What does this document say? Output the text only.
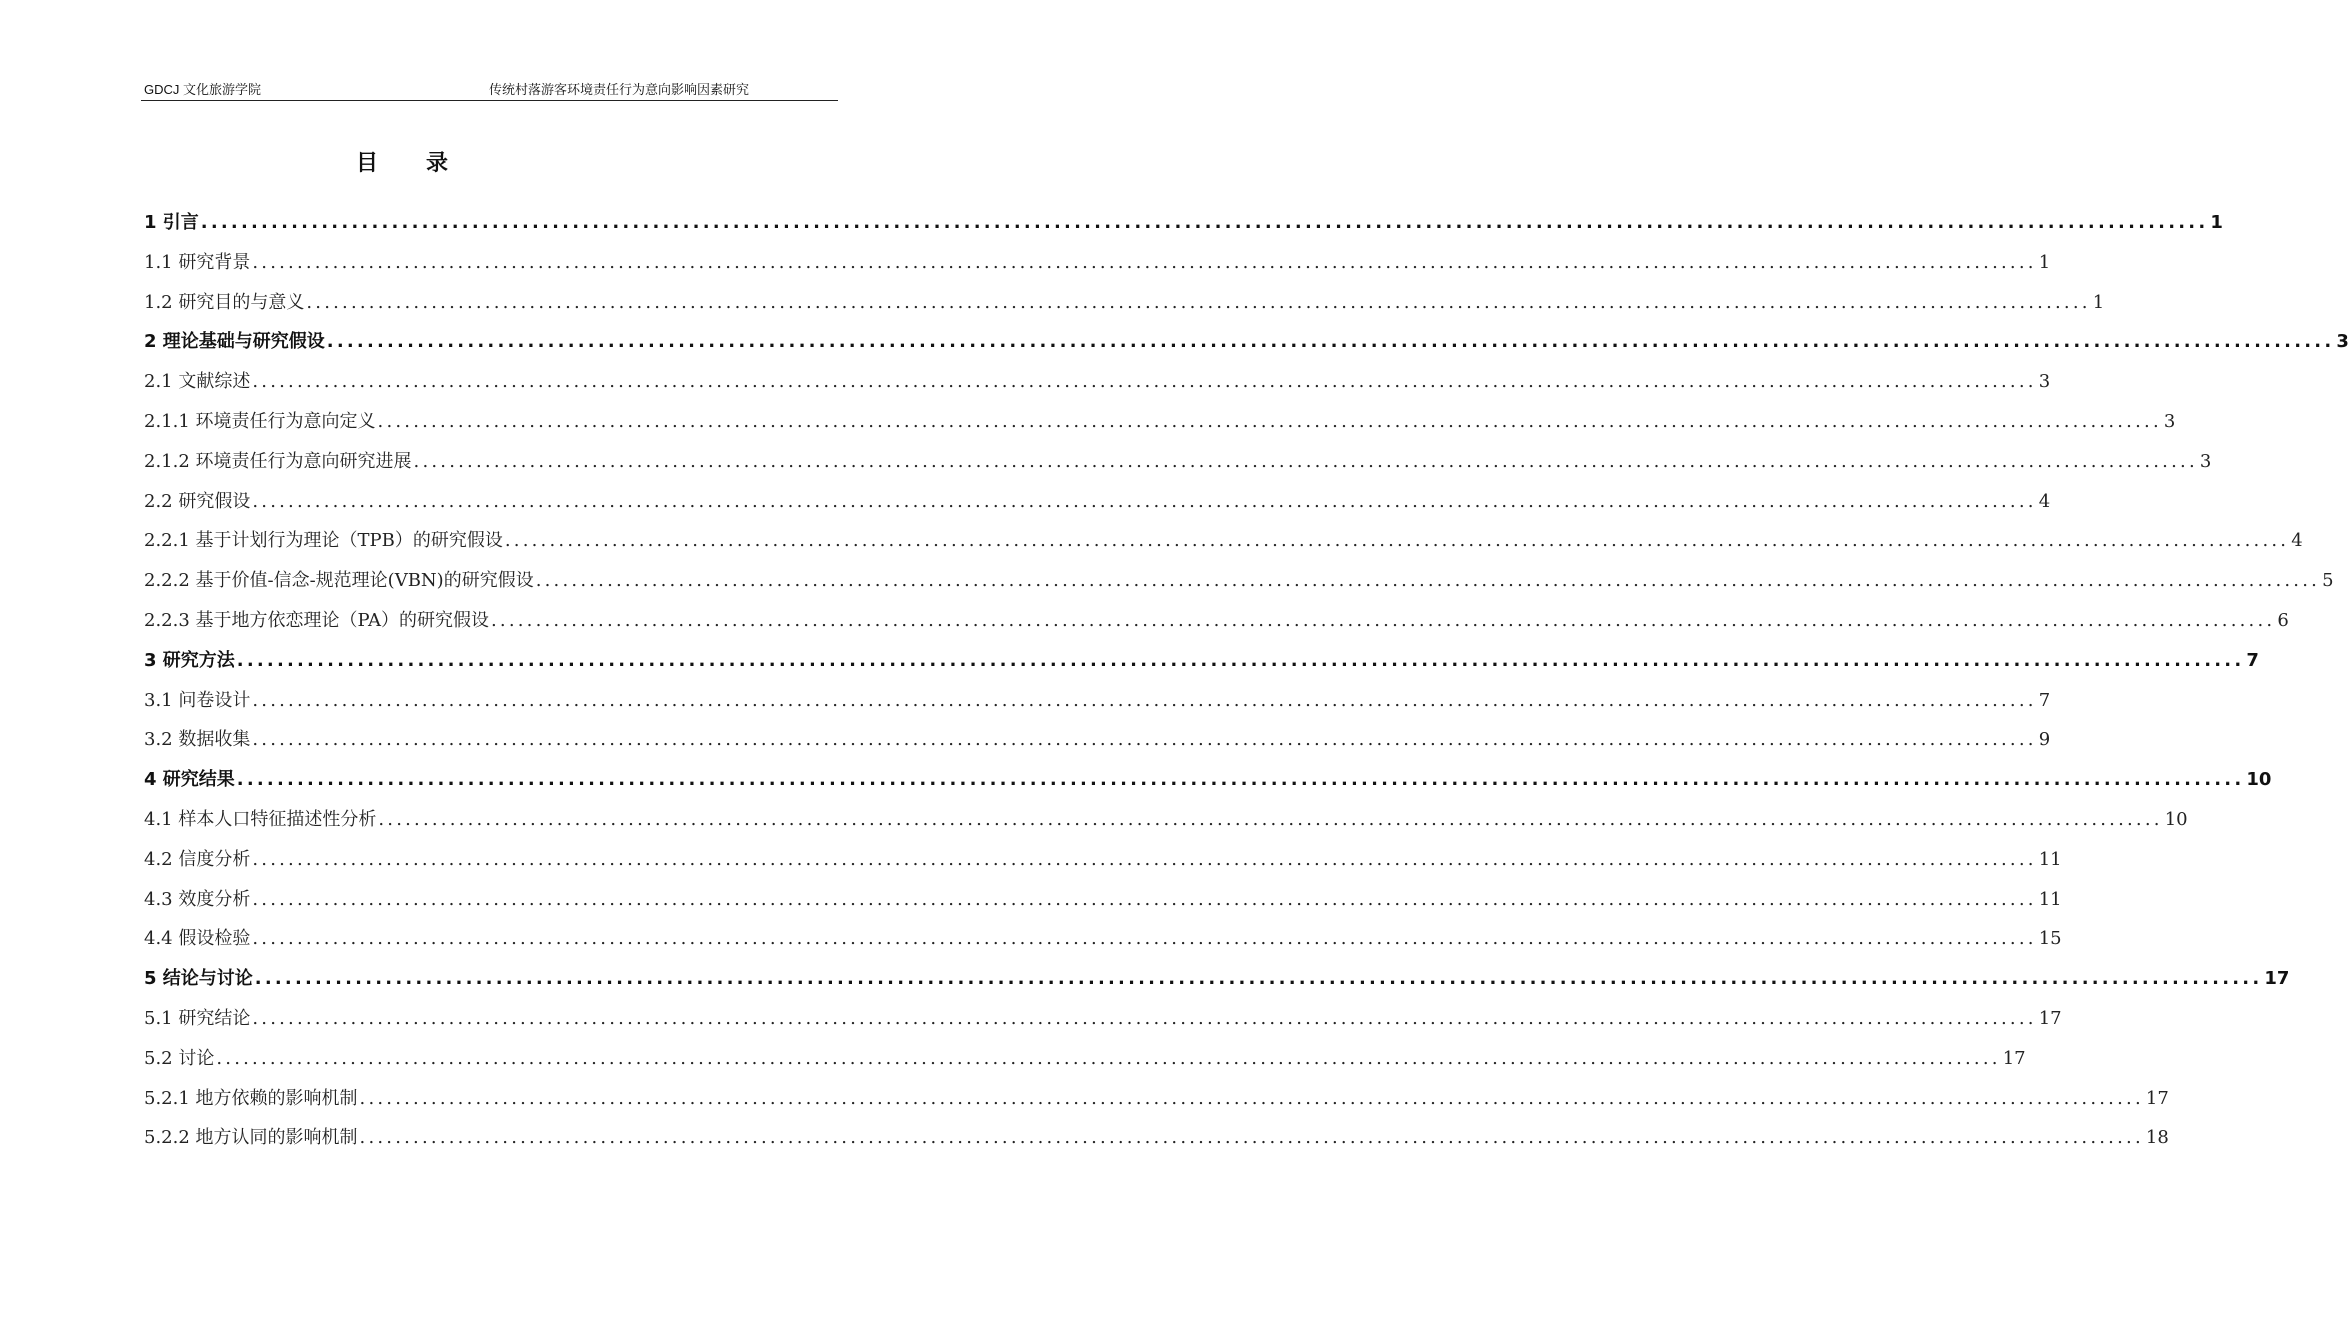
GDCJ 文化旅游学院	传统村落游客环境责任行为意向影响因素研究
目录
1 引言 ........................................................................................................................................................................................................ 1
1.1 研究背景 ........................................................................................................................................................................................................ 1
1.2 研究目的与意义 ........................................................................................................................................................................................................ 1
2 理论基础与研究假设 ........................................................................................................................................................................................................ 3
2.1 文献综述 ........................................................................................................................................................................................................ 3
2.1.1 环境责任行为意向定义 ........................................................................................................................................................................................................ 3
2.1.2 环境责任行为意向研究进展 ........................................................................................................................................................................................................ 3
2.2 研究假设 ........................................................................................................................................................................................................ 4
2.2.1 基于计划行为理论（TPB）的研究假设 ........................................................................................................................................................................................................ 4
2.2.2 基于价值-信念-规范理论(VBN)的研究假设 ........................................................................................................................................................................................................ 5
2.2.3 基于地方依恋理论（PA）的研究假设 ........................................................................................................................................................................................................ 6
3 研究方法 ........................................................................................................................................................................................................ 7
3.1 问卷设计 ........................................................................................................................................................................................................ 7
3.2 数据收集 ........................................................................................................................................................................................................ 9
4 研究结果 ........................................................................................................................................................................................................ 10
4.1 样本人口特征描述性分析 ........................................................................................................................................................................................................ 10
4.2 信度分析 ........................................................................................................................................................................................................ 11
4.3 效度分析 ........................................................................................................................................................................................................ 11
4.4 假设检验 ........................................................................................................................................................................................................ 15
5 结论与讨论 ........................................................................................................................................................................................................ 17
5.1 研究结论 ........................................................................................................................................................................................................ 17
5.2 讨论 ........................................................................................................................................................................................................ 17
5.2.1 地方依赖的影响机制 ........................................................................................................................................................................................................ 17
5.2.2 地方认同的影响机制 ........................................................................................................................................................................................................ 18
